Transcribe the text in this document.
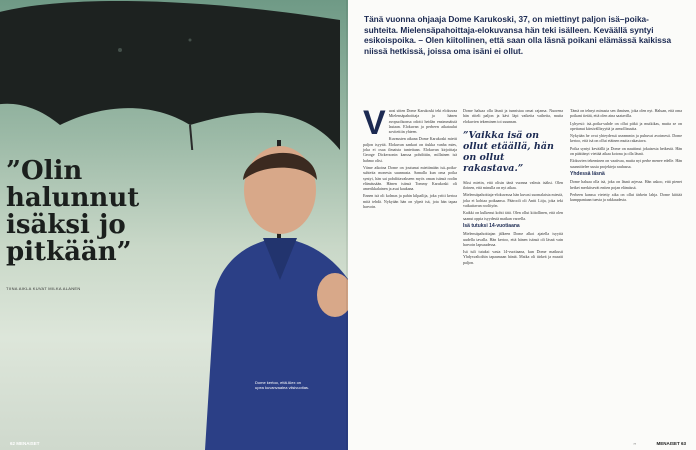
”Olin halunnut isäksi jo pitkään”
TIINA AIKLA KUVAT MILKA ALANEN
Dome kertoo, että Alex on upea kuvanvaalea viisivuotias.
62 MENAISET
Tänä vuonna ohjaaja Dome Karukoski, 37, on miettinyt paljon isä–poika-suhteita. Mielensäpahoittaja-elokuvansa hän teki isälleen. Keväällä syntyi esikoispoika. – Olen kiitollinen, että saan olla läsnä poikani elämässä kaikissa niissä hetkissä, joissa oma isäni ei ollut.
V uosi sitten Dome Karukoski teki elokuvaa Mielensäpahoittaja ja hänen avopuolisonsa odotti heidän ensimmäistä lastaan. Elokuvan ja perheen aikataulut sovitettiin yhteen.

Kuvausten aikana Dome Karukoski mietti paljon isyyttä. Elokuvan sankari on tiukka vanha mies, joka ei osaa ilmaista tunteitaan. Elokuvan kirjoittaja George Dickersonin kanssa pohdittiin, millainen isä hahmo olisi.

Viime aikoina Dome on joutunut miettimään isä–poika-suhteita monesta suunnasta. Samalla kun oma poika syntyi, hän sai pohdittavakseen myös oman isänsä roolin elämässään. Hänen isänsä Tommy Karukoski oli amerikkalainen ja asui kaukana.

Ennen isä oli kolmas ja pahin kilpailija, joka yritti kertoa mitä tehdä. Nykyään hän on ylpeä isä, jota hän tapaa harvoin.

Dome haluaa olla läsnä ja tunnistaa omat rajansa. Nuorena hän riiteli paljon ja kävi läpi vaikeita vaiheita, mutta elokuvien tekeminen toi suunnan.

”Vaikka isä on ollut etäällä, hän on ollut rakastava.”

Siksi mietin, että olisin tänä vuonna valmis isäksi. Olen iloinen, että minulla on nyt aikaa.

Mielensäpahoittaja-elokuvassa hän kuvasi suomalaista miestä, joka ei kohtaa poikaansa. Päärooli oli Antti Litja, joka teki vaikuttavan roolityön.

Kaikki on kulkenut kohti tätä. Olen ollut kiitollinen, että olen saanut oppia isyydestä matkan varrella.

Isä tutuksi 14-vuotiaana

Mielensäpahoittajan jälkeen Dome alkoi ajatella isyyttä uudella tavalla. Hän kertoo, että hänen isänsä oli läsnä vain harvoin lapsuudessa.

Isä tuli tutuksi vasta 14-vuotiaana, kun Dome matkusti Yhdysvaltoihin tapaamaan häntä. Matka oli tärkeä ja muutti paljon.

Tämä on tehnyt minusta sen ihmisen, joka olen nyt. Haluan, että oma poikani tietää, että olen aina saatavilla.

Lyhyesti: isä–poika-suhde on ollut pitkä ja mutkikas, mutta se on opettanut kärsivällisyyttä ja armollisuutta.

Nykyään he ovat yhteydessä useammin ja puhuvat avoimesti. Dome kertoo, että isä on ollut etäinen mutta rakastava.

Poika syntyi keväällä ja Dome on nauttinut jokaisesta hetkestä. Hän on päättänyt viettää aikaa kotona ja olla läsnä.

Elokuvien tekeminen on vaativaa, mutta nyt perhe menee edelle. Hän suunnittelee uusia projekteja rauhassa.

Yhdessä läsnä

Dome haluaa olla isä, joka on läsnä arjessa. Hän uskoo, että pienet hetket merkitsevät eniten pojan elämässä.

Perheen kanssa vietetty aika on ollut tärkein lahja. Dome kiittää kumppaniaan tuesta ja rakkaudesta.

››	MENAISET 63
